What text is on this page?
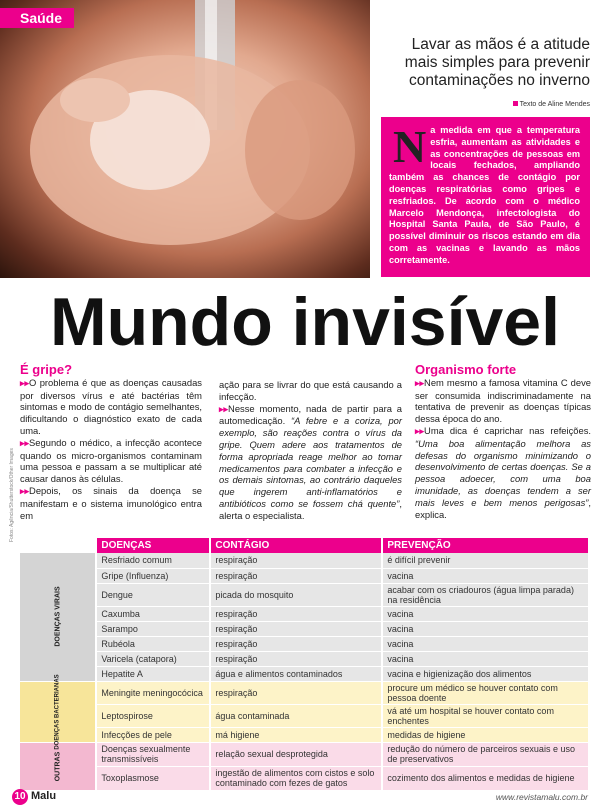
Saúde
Lavar as mãos é a atitude mais simples para prevenir contaminações no inverno
Texto de Aline Mendes
N a medida em que a temperatura esfria, aumentam as atividades e as concentrações de pessoas em locais fechados, ampliando também as chances de contágio por doenças respiratórias como gripes e resfriados. De acordo com o médico Marcelo Mendonça, infectologista do Hospital Santa Paula, de São Paulo, é possível diminuir os riscos estando em dia com as vacinas e lavando as mãos corretamente.
Mundo invisível
Fotos: Agência/Shutterstock/Other Images
É gripe?

▸▸O problema é que as doenças causadas por diversos vírus e até bactérias têm sintomas e modo de contágio semelhantes, dificultando o diagnóstico exato de cada uma.

▸▸Segundo o médico, a infecção acontece quando os micro-organismos contaminam uma pessoa e passam a se multiplicar até causar danos às células.

▸▸Depois, os sinais da doença se manifestam e o sistema imunológico entra em

ação para se livrar do que está causando a infecção.

▸▸Nesse momento, nada de partir para a automedicação. “A febre e a coriza, por exemplo, são reações contra o vírus da gripe. Quem adere aos tratamentos de forma apropriada reage melhor ao tomar medicamentos para combater a infecção e os demais sintomas, ao contrário daqueles que ingerem anti-inflamatórios e antibióticos como se fossem chá quente”, alerta o especialista.

Organismo forte

▸▸Nem mesmo a famosa vitamina C deve ser consumida indiscriminadamente na tentativa de prevenir as doenças típicas dessa época do ano.

▸▸Uma dica é caprichar nas refeições. “Uma boa alimentação melhora as defesas do organismo minimizando o desenvolvimento de certas doenças. Se a pessoa adoecer, com uma boa imunidade, as doenças tendem a ser mais leves e bem menos perigosas”, explica.

	DOENÇAS	CONTÁGIO	PREVENÇÃO
DOENÇAS VIRAIS	Resfriado comum	respiração	é difícil prevenir
	Gripe (Influenza)	respiração	vacina
	Dengue	picada do mosquito	acabar com os criadouros (água limpa parada) na residência
	Caxumba	respiração	vacina
	Sarampo	respiração	vacina
	Rubéola	respiração	vacina
	Varicela (catapora)	respiração	vacina
	Hepatite A	água e alimentos contaminados	vacina e higienização dos alimentos
DOENÇAS BACTERIANAS	Meningite meningocócica	respiração	procure um médico se houver contato com pessoa doente
	Leptospirose	água contaminada	vá até um hospital se houver contato com enchentes
	Infecções de pele	má higiene	medidas de higiene
OUTRAS	Doenças sexualmente transmissíveis	relação sexual desprotegida	redução do número de parceiros sexuais e uso de preservativos
	Toxoplasmose	ingestão de alimentos com cistos e solo contaminado com fezes de gatos	cozimento dos alimentos e medidas de higiene
10 Malu	www.revistamalu.com.br
